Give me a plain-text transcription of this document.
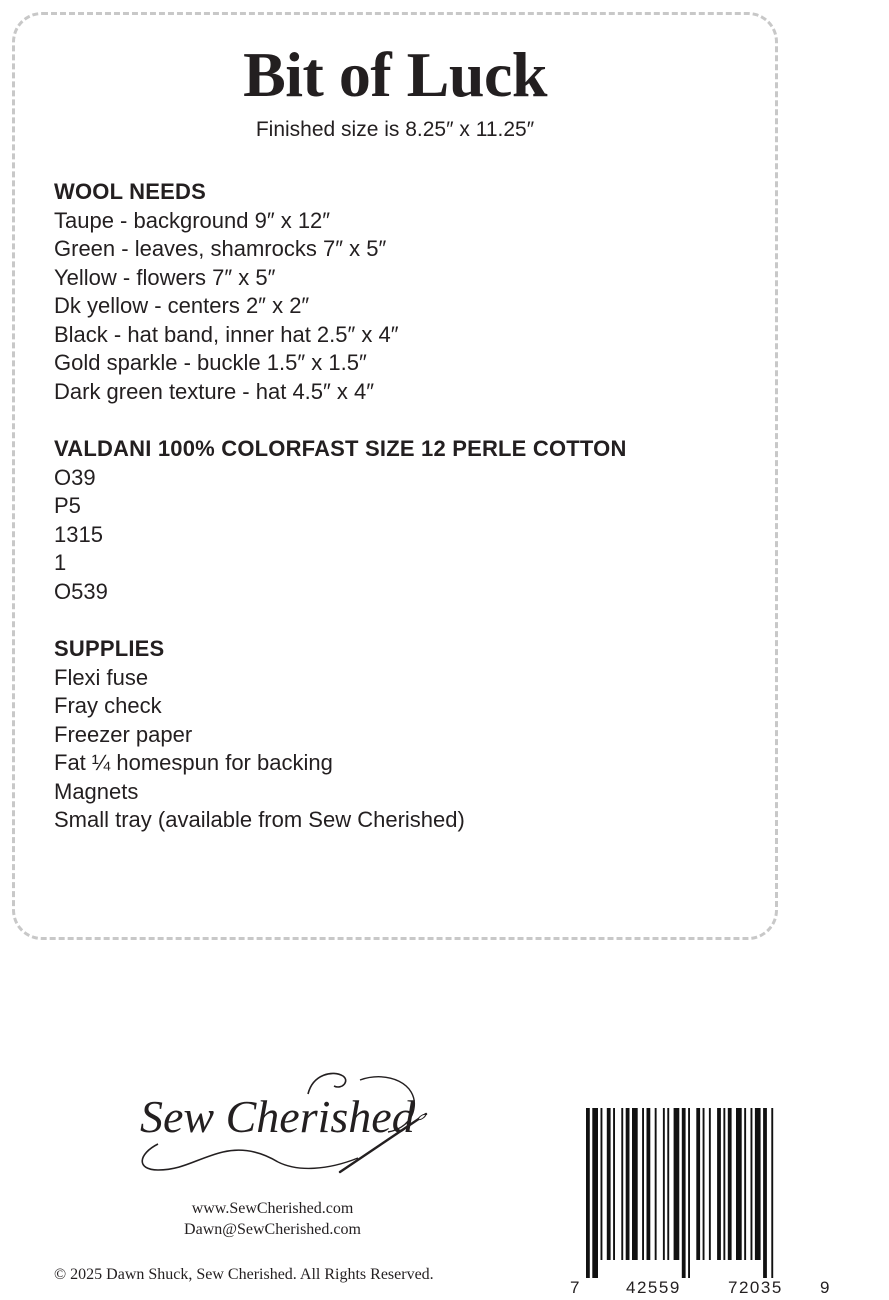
Bit of Luck
Finished size is 8.25″ x 11.25″
WOOL NEEDS
Taupe - background 9″ x 12″
Green - leaves, shamrocks 7″ x 5″
Yellow - flowers 7″ x 5″
Dk yellow - centers 2″ x 2″
Black - hat band, inner hat 2.5″ x 4″
Gold sparkle - buckle 1.5″ x 1.5″
Dark green texture - hat 4.5″ x 4″
VALDANI 100% COLORFAST SIZE 12 PERLE COTTON
O39
P5
1315
1
O539
SUPPLIES
Flexi fuse
Fray check
Freezer paper
Fat ¼ homespun for backing
Magnets
Small tray (available from Sew Cherished)
Sew Cherished
www.SewCherished.com
Dawn@SewCherished.com
© 2025 Dawn Shuck, Sew Cherished. All Rights Reserved.
7	42559	72035 9
